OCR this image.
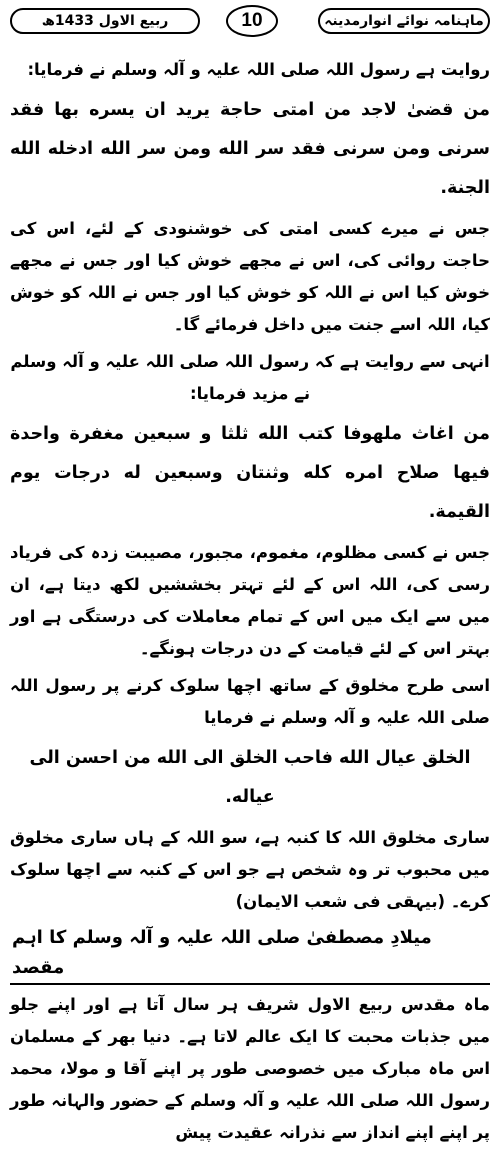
ربیع الاول 1433ھ	10	ماہنامہ نوائے انوارمدینہ

روایت ہے رسول اللہ صلی اللہ علیہ و آلہ وسلم نے فرمایا:

من قضىٰ لاجد من امتى حاجة يريد ان يسره بها فقد سرنى ومن سرنى فقد سر الله ومن سر الله ادخله الله الجنة.

جس نے میرے کسی امتی کی خوشنودی کے لئے، اس کی حاجت روائی کی، اس نے مجھے خوش کیا اور جس نے مجھے خوش کیا اس نے اللہ کو خوش کیا اور جس نے اللہ کو خوش کیا، اللہ اسے جنت میں داخل فرمائے گا۔

انہی سے روایت ہے کہ رسول اللہ صلی اللہ علیہ و آلہ وسلم نے مزید فرمایا:

من اغاث ملهوفا كتب الله ثلثا و سبعين مغفرة واحدة فيها صلاح امره كله وثنتان وسبعين له درجات يوم القيمة.

جس نے کسی مظلوم، مغموم، مجبور، مصیبت زدہ کی فریاد رسی کی، اللہ اس کے لئے تہتر بخششیں لکھ دیتا ہے، ان میں سے ایک میں اس کے تمام معاملات کی درستگی ہے اور بہتر اس کے لئے قیامت کے دن درجات ہونگے۔

اسی طرح مخلوق کے ساتھ اچھا سلوک کرنے پر رسول اللہ صلی اللہ علیہ و آلہ وسلم نے فرمایا

الخلق عيال الله فاحب الخلق الى الله من احسن الى عياله.

ساری مخلوق اللہ کا کنبہ ہے، سو اللہ کے ہاں ساری مخلوق میں محبوب تر وہ شخص ہے جو اس کے کنبہ سے اچھا سلوک کرے۔ (بیہقی فی شعب الایمان)

میلادِ مصطفیٰ صلی اللہ علیہ و آلہ وسلم کا اہم مقصد

ماہ مقدس ربیع الاول شریف ہر سال آتا ہے اور اپنے جلو میں جذبات محبت کا ایک عالم لاتا ہے۔ دنیا بھر کے مسلمان اس ماہ مبارک میں خصوصی طور پر اپنے آقا و مولا، محمد رسول اللہ صلی اللہ علیہ و آلہ وسلم کے حضور والہانہ طور پر اپنے اپنے انداز سے نذرانہ عقیدت پیش
